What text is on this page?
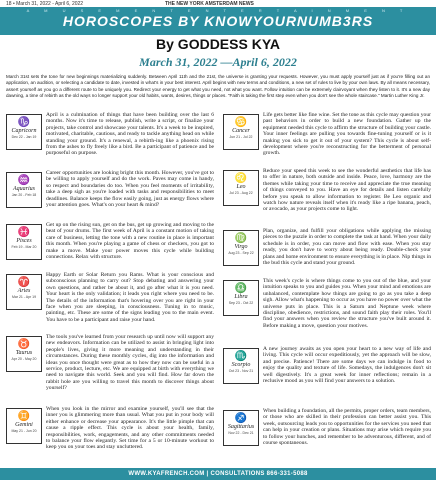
18 • March 31, 2022 - April 6, 2022	THE NEW YORK AMSTERDAM NEWS
A M U S E M E N T E N T E R T A I N M E N T
HOROSCOPES BY KNOWYOURNUMB3RS
By GODDESS KYA
March 31, 2022 —April 6, 2022
March 31st sets the tone for new beginnings materializing suddenly. Between April 11th and the 21st, the universe is granting your requests. However, you must apply yourself just as if you're filling out an application, an audition, or selecting a candidate to date, invested in what's in your best interest. April begins with new terms and conditions, a new set of rules to live by your own laws. By all means necessary, assert yourself as you go a different route to be uniquely you. Redirect your energy to get what you need, not what you want. Follow intuition can be extremely clairvoyant when they listen to it. It's a new day dawning, a time of rebirth as the old ways no longer support your old habits, wants, desires, things or places. "Faith is taking the first step even when you don't see the whole staircase." Martin Luther King Jr.
♑
Capricorn
Dec 22 - Jan 19

April is a culmination of things that have been building over the last 6 months. Now it's time to release, publish, write a script, or finalize your projects, take control and showcase your talents. It's a week to be inspired, motivated, charitable, cautious, and ready to tackle anything head on while standing your ground. It's a renewal, a rebirth-ing like a phoenix rising from the ashes to fly freely like a bird. Be a participant of patience and be purposeful on purpose.

♒
Aquarius
Jan 20 - Feb 18

Career opportunities are looking bright this month. However, you've got to be willing to apply yourself and do the work. Paves may come in handy, so respect and boundaries do too. When you feel moments of irritability, take a deep sigh as you're loaded with tasks and responsibilities to meet deadlines. Balance keeps the flow easily going, just as energy flows where your attention goes. What's on your heart & mind?

♓
Pisces
Feb 19 - Mar 20

Get up on the rising sun, get on the bus, get up growing and moving to the beat of your drums. The first week of April is a constant motion of taking care of business, letting the tone with a new routine in place is important this month. When you're playing a game of chess or checkers, you got to make a move. Make your power moves this cycle while building connections. Relax with structure.

♈
Aries
Mar 21 - Apr 19

Happy Earth or Solar Return you Rams. What is your conscious and subconscious planning to carry out? Stop debating and answering your own questions, and rather be about it, and go after what it is you need. Your heart is the only validation; it leads you right where you need to be. The details of the information that's hovering over you are right in your face when you are sleeping, in consciousness. Tuning in to music, painting, etc. These are some of the signs leading you to the main event. You have to be a participant and raise your hand.

♉
Taurus
Apr 20 - May 20

The tools you've learned from your research up until now will support any new endeavors. Information can be utilized to assist in bringing light into people's lives, giving it more meaning and understanding in their circumstances. During these monthly cycles, dig into the information and ideas you once thought were great as to how they now can be useful in a service, product, lecture, etc. We are equipped at birth with everything we need to navigate this world. Seek and you will find. How far down the rabbit hole are you willing to travel this month to discover things about yourself?

♊
Gemini
May 21 - Jun 20

When you look in the mirror and examine yourself, you'll see that the inner you is glimmering more than usual. What you put in your body will either enhance or decrease your appearance. It's the little pimple that can cause a ripple effect. This cycle is about your health, family, responsibilities, work, engagements, and any other commitments needed to balance your flow elegantly. Set time for a 5 or 10-minute workout to keep you on your toes and stay uncluttered.

♋
Cancer
Jun 21 - Jul 22

Life gets better like fine wine. Set the tone as this cycle may question your past behaviors in order to build a new foundation. Gather up the equipment needed this cycle to affirm the structure of building your castle. Your inner feelings are pulling you towards fine-tuning yourself or is it making you sick to get it out of your system? This cycle is about self-development where you're reconstructing for the betterment of personal growth.

♌
Leo
Jul 23 - Aug 22

Reduce your speed this week to see the wonderful aesthetics that life has to offer in nature, both outside and inside. Peace, love, harmony are the themes while taking your time to receive and appreciate the true meaning of things conveyed to you. Have an eye for details and listen carefully before you speak to allow information to register. Be Leo organic and watch how nature reveals itself when it's ready like a ripe banana, peach, or avocado, as your projects come to light.

♍
Virgo
Aug 23 - Sep 22

Plan, organize, and fulfill your obligations while applying the missing pieces to the puzzle in order to complete the task at hand. When your daily schedule is in order, you can move and flow with ease. When you stay ready, you don't have to worry about being ready. Double-check your plans and home environment to ensure everything is in place. Nip things in the bud this cycle and stand your ground.

♎
Libra
Sep 23 - Oct 22

This week's cycle is where things come to you out of the blue, and your intuition speaks to you and guides you. When your mind and emotions are unbalanced, contemplate how things are going to go as you take a deep sigh. Allow what's happening to occur as you have no power over what the universe puts in place. This is a Saturn and Neptune week where discipline, obedience, restrictions, and sound faith play their roles. You'll find your answers when you review the structure you've built around it. Before making a move, question your motives.

♏
Scorpio
Oct 23 - Nov 21

A new journey awaits as you open your heart to a new way of life and living. This cycle will occur expeditiously, yet the approach will be slow, and precise. Patience! There are some days we can indulge in food to enjoy the quality and texture of life. Somedays, the indulgences don't sit well digestively. It's a great week for inner reflections; remain in a reclusive mood as you will find your answers to a solution.

♐
Sagittarius
Nov 22 - Dec 21

When building a foundation, all the permits, proper orders, team members, or those who are skilled in their profession can better assist you. This week, outsourcing leads you to opportunities for the services you need that can help in your creation or plans. Situations may arise which require you to follow your hunches, and remember to be adventurous, different, and of course spontaneous.

WWW.KYAFRENCH.COM | CONSULTATIONS 866-331-5088
